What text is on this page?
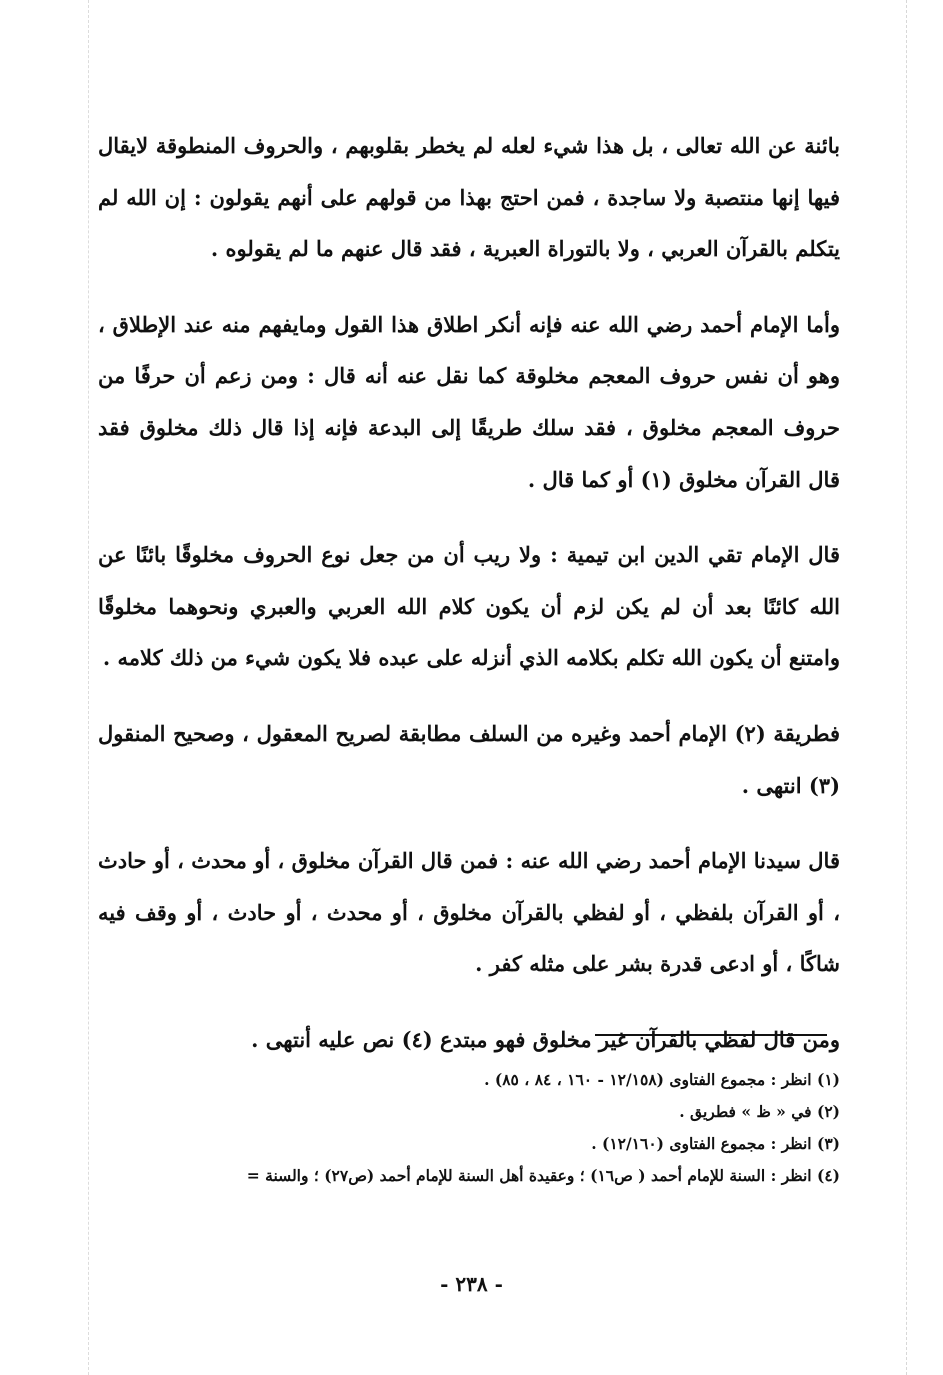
بائنة عن الله تعالى ، بل هذا شيء لعله لم يخطر بقلوبهم ، والحروف المنطوقة لايقال فيها إنها منتصبة ولا ساجدة ، فمن احتج بهذا من قولهم على أنهم يقولون : إن الله لم يتكلم بالقرآن العربي ، ولا بالتوراة العبرية ، فقد قال عنهم ما لم يقولوه .

وأما الإمام أحمد رضي الله عنه فإنه أنكر اطلاق هذا القول ومايفهم منه عند الإطلاق ، وهو أن نفس حروف المعجم مخلوقة كما نقل عنه أنه قال : ومن زعم أن حرفًا من حروف المعجم مخلوق ، فقد سلك طريقًا إلى البدعة فإنه إذا قال ذلك مخلوق فقد قال القرآن مخلوق (١) أو كما قال .

قال الإمام تقي الدين ابن تيمية : ولا ريب أن من جعل نوع الحروف مخلوقًا بائنًا عن الله كائنًا بعد أن لم يكن لزم أن يكون كلام الله العربي والعبري ونحوهما مخلوقًا وامتنع أن يكون الله تكلم بكلامه الذي أنزله على عبده فلا يكون شيء من ذلك كلامه .

فطريقة (٢) الإمام أحمد وغيره من السلف مطابقة لصريح المعقول ، وصحيح المنقول (٣) انتهى .

قال سيدنا الإمام أحمد رضي الله عنه : فمن قال القرآن مخلوق ، أو محدث ، أو حادث ، أو القرآن بلفظي ، أو لفظي بالقرآن مخلوق ، أو محدث ، أو حادث ، أو وقف فيه شاكًا ، أو ادعى قدرة بشر على مثله كفر .

ومن قال لفظي بالقرآن غير مخلوق فهو مبتدع (٤) نص عليه أنتهى .

(١) انظر : مجموع الفتاوى (١٢/١٥٨ - ١٦٠ ، ٨٤ ، ٨٥) .

(٢) في « ظ » فطريق .

(٣) انظر : مجموع الفتاوى (١٢/١٦٠) .

(٤) انظر : السنة للإمام أحمد ( ص١٦) ؛ وعقيدة أهل السنة للإمام أحمد (ص٢٧) ؛ والسنة =

- ٢٣٨ -
